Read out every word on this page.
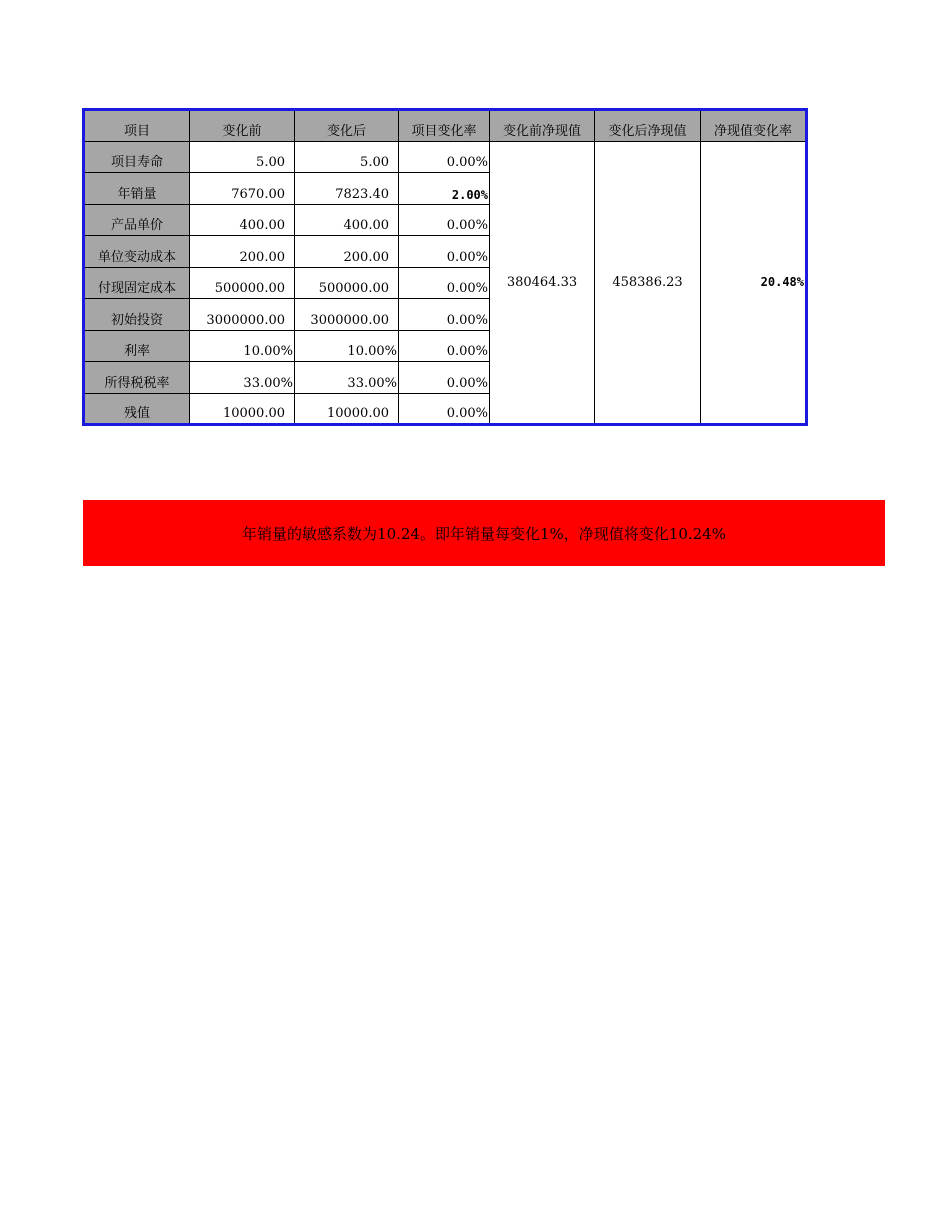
项目	变化前	变化后	项目变化率	变化前净现值	变化后净现值	净现值变化率
项目寿命	5.00	5.00	0.00%	380464.33	458386.23	20.48%
年销量	7670.00	7823.40	2.00%			
产品单价	400.00	400.00	0.00%			
单位变动成本	200.00	200.00	0.00%			
付现固定成本	500000.00	500000.00	0.00%			
初始投资	3000000.00	3000000.00	0.00%			
利率	10.00%	10.00%	0.00%			
所得税税率	33.00%	33.00%	0.00%			
残值	10000.00	10000.00	0.00%			
年销量的敏感系数为10.24。即年销量每变化1%，净现值将变化10.24%
